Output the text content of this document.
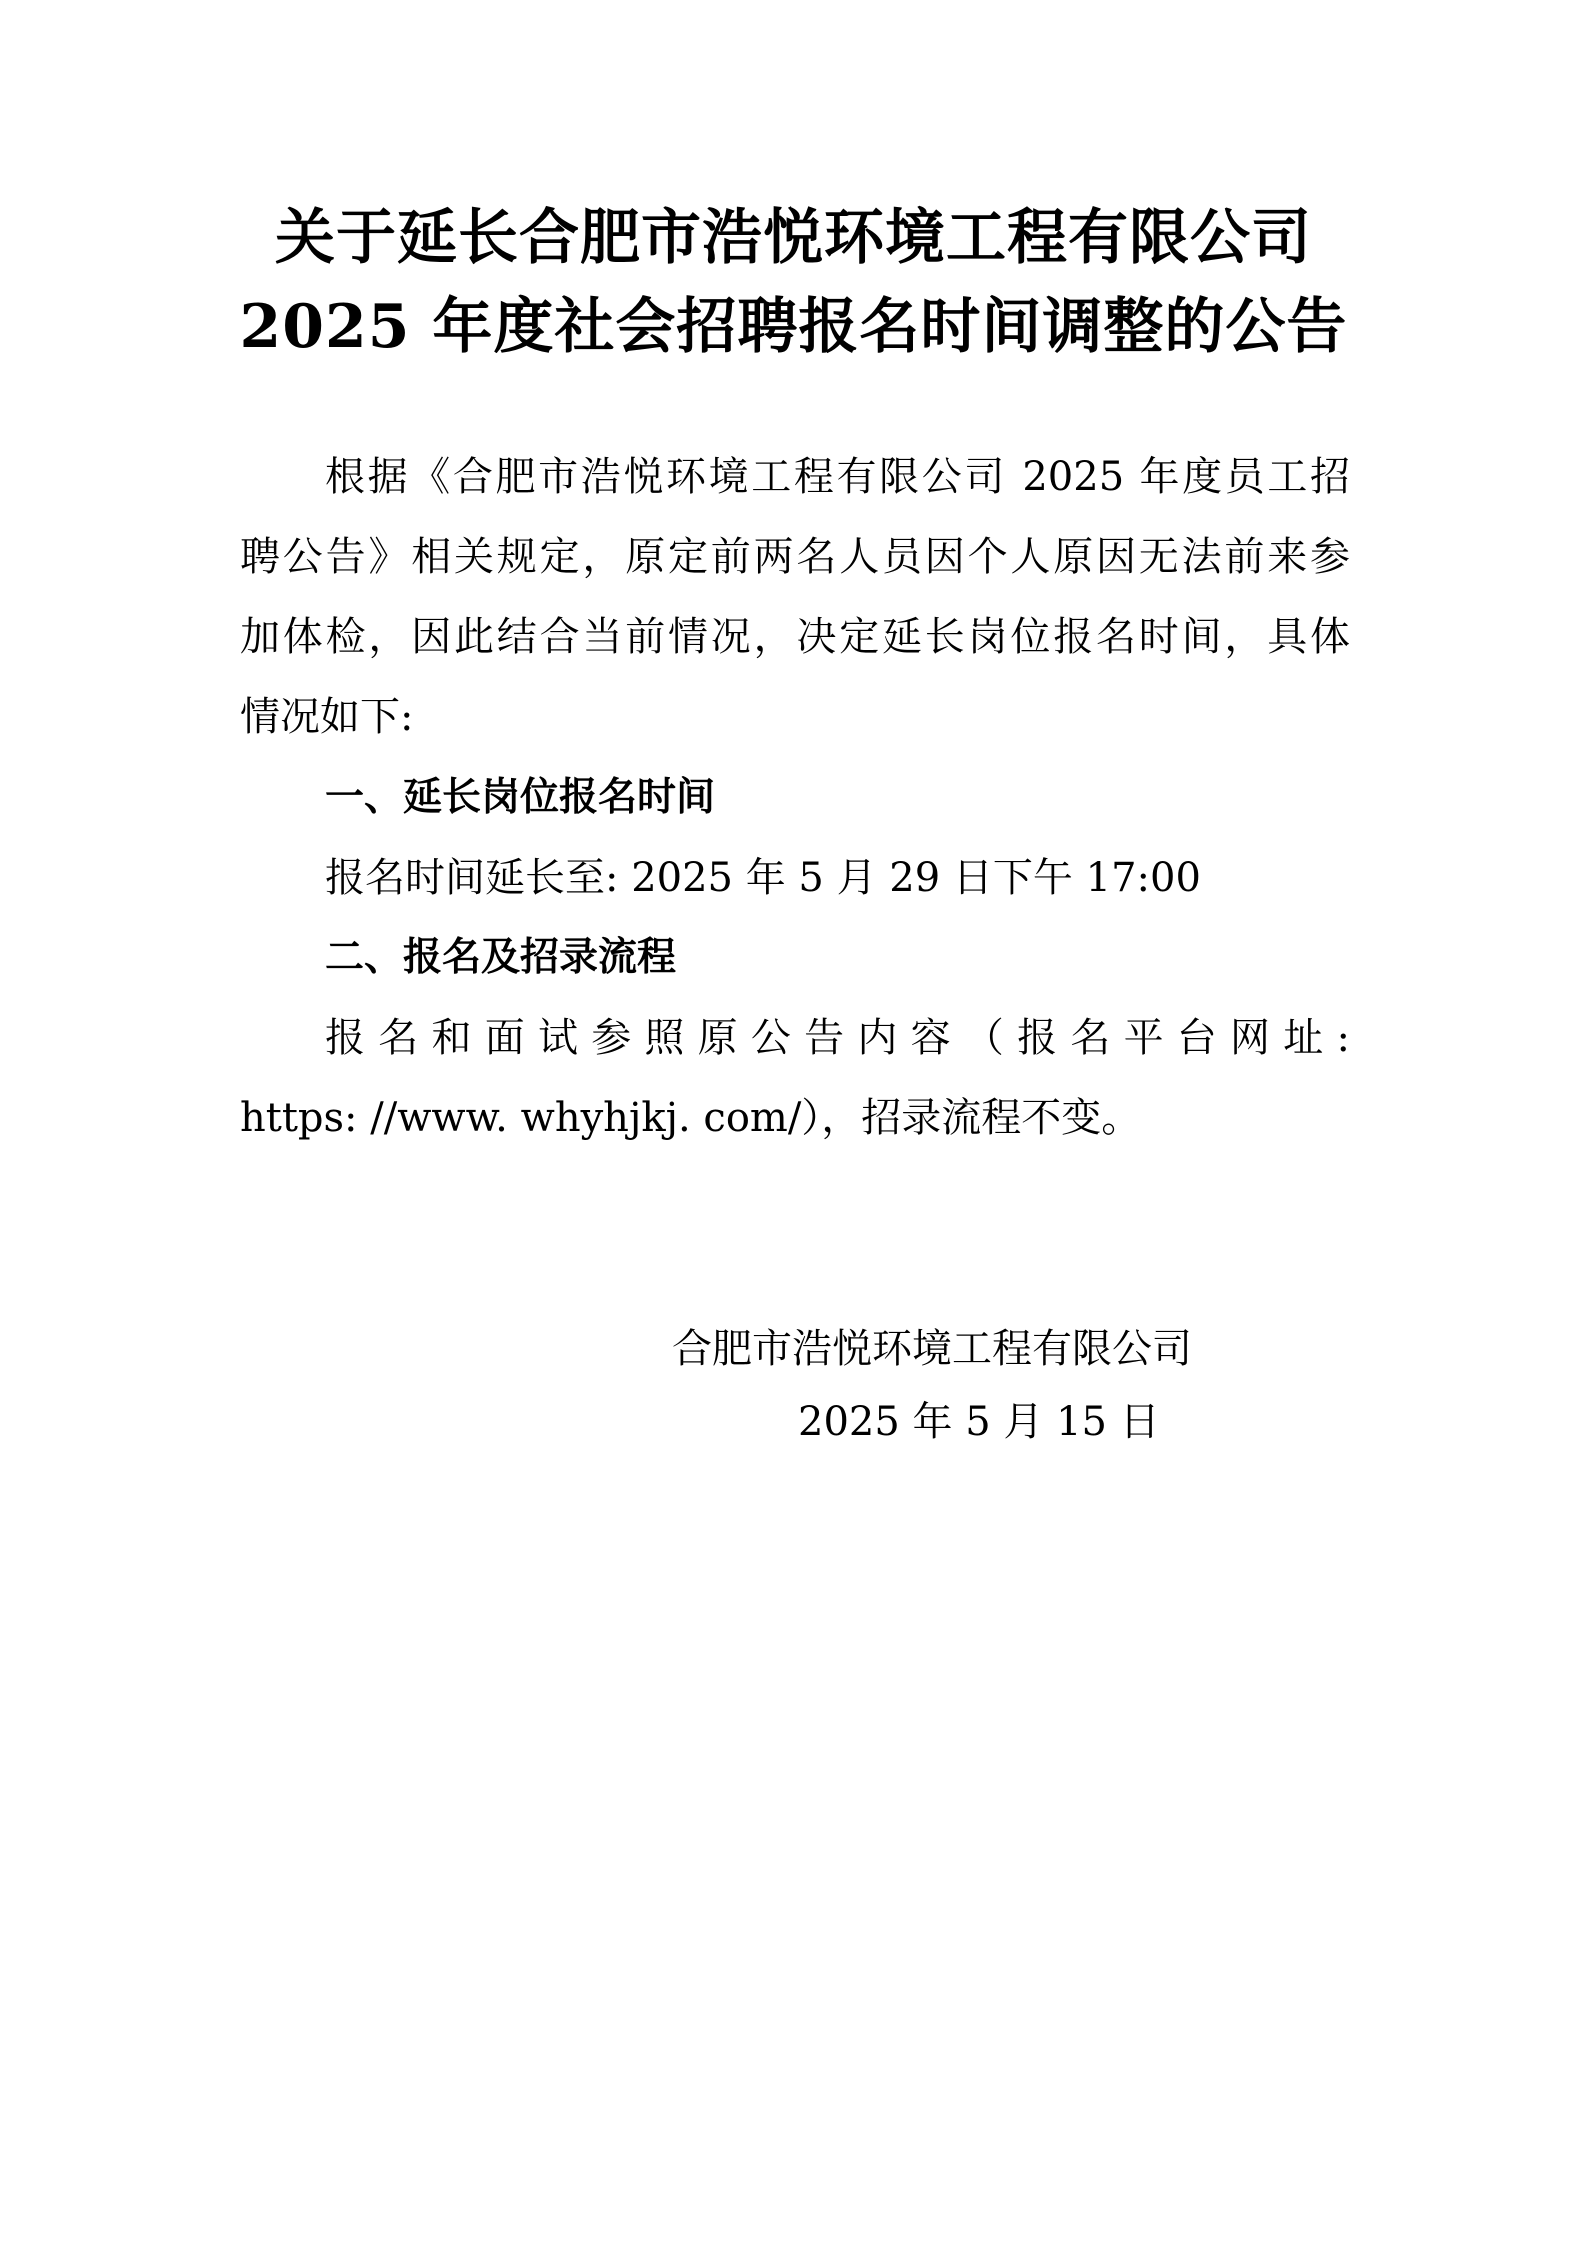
关于延长合肥市浩悦环境工程有限公司
2025 年度社会招聘报名时间调整的公告
根据《合肥市浩悦环境工程有限公司 2025 年度员工招
聘公告》相关规定，原定前两名人员因个人原因无法前来参
加体检，因此结合当前情况，决定延长岗位报名时间，具体
情况如下:
一、延长岗位报名时间
报名时间延长至: 2025 年 5 月 29 日下午 17:00
二、报名及招录流程
报名和面试参照原公告内容（报名平台网址:
https: //www. whyhjkj. com/），招录流程不变。
合肥市浩悦环境工程有限公司
2025 年 5 月 15 日
